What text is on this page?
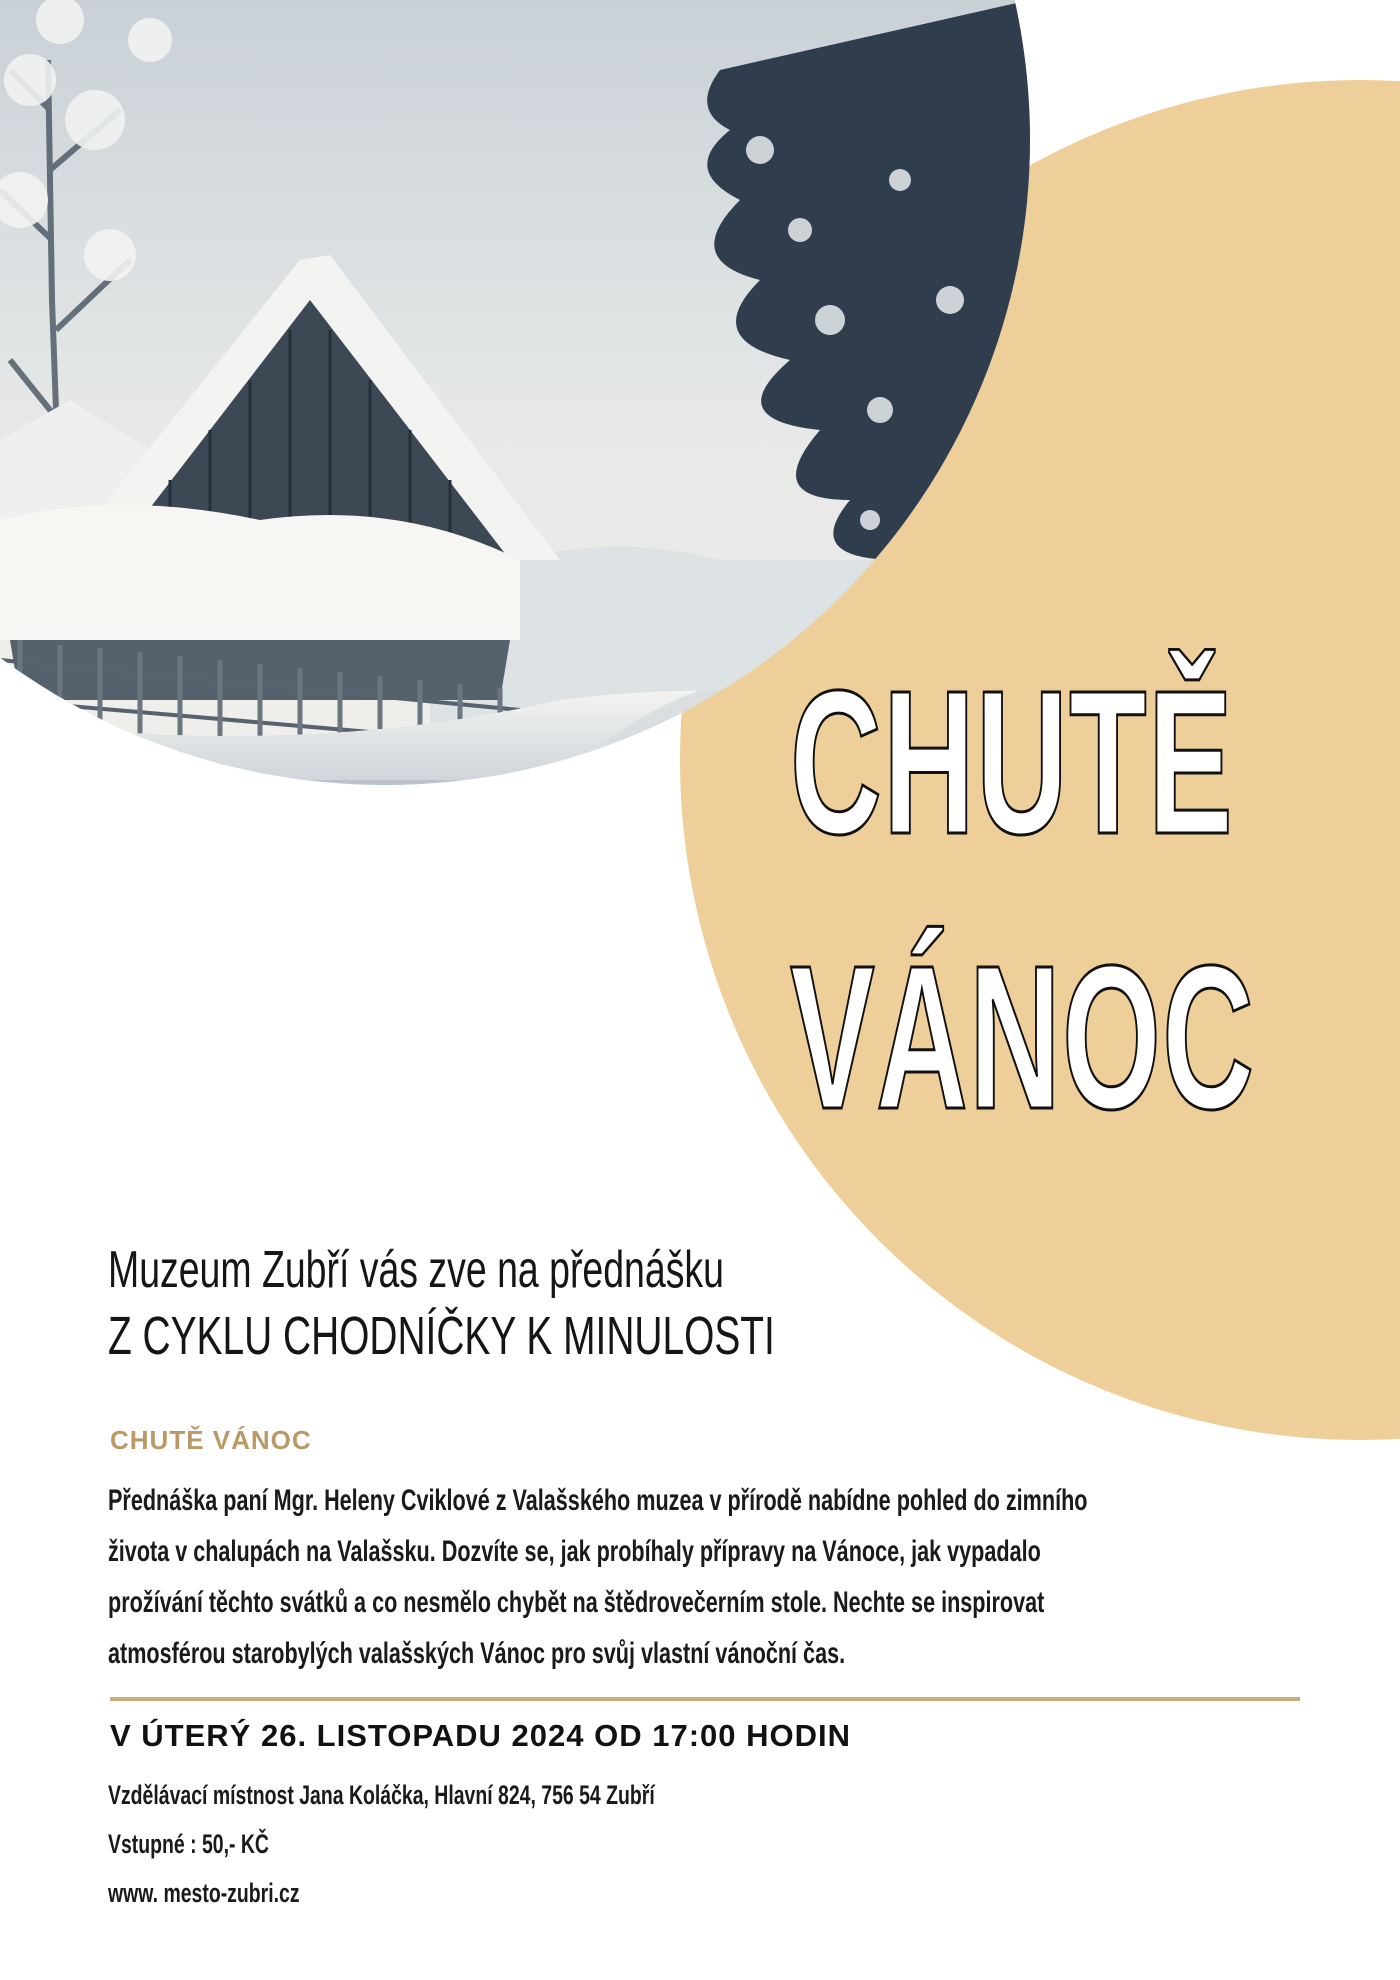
CHUTĚ
VÁNOC

Muzeum Zubří vás zve na přednášku

Z CYKLU CHODNÍČKY K MINULOSTI

CHUTĚ VÁNOC
Přednáška paní Mgr. Heleny Cviklové z Valašského muzea v přírodě nabídne pohled do zimního
života v chalupách na Valašsku. Dozvíte se, jak probíhaly přípravy na Vánoce, jak vypadalo
prožívání těchto svátků a co nesmělo chybět na štědrovečerním stole. Nechte se inspirovat
atmosférou starobylých valašských Vánoc pro svůj vlastní vánoční čas.

V ÚTERÝ 26. LISTOPADU 2024 OD 17:00 HODIN

Vzdělávací místnost Jana Koláčka, Hlavní 824, 756 54 Zubří

Vstupné : 50,- KČ

www. mesto-zubri.cz
